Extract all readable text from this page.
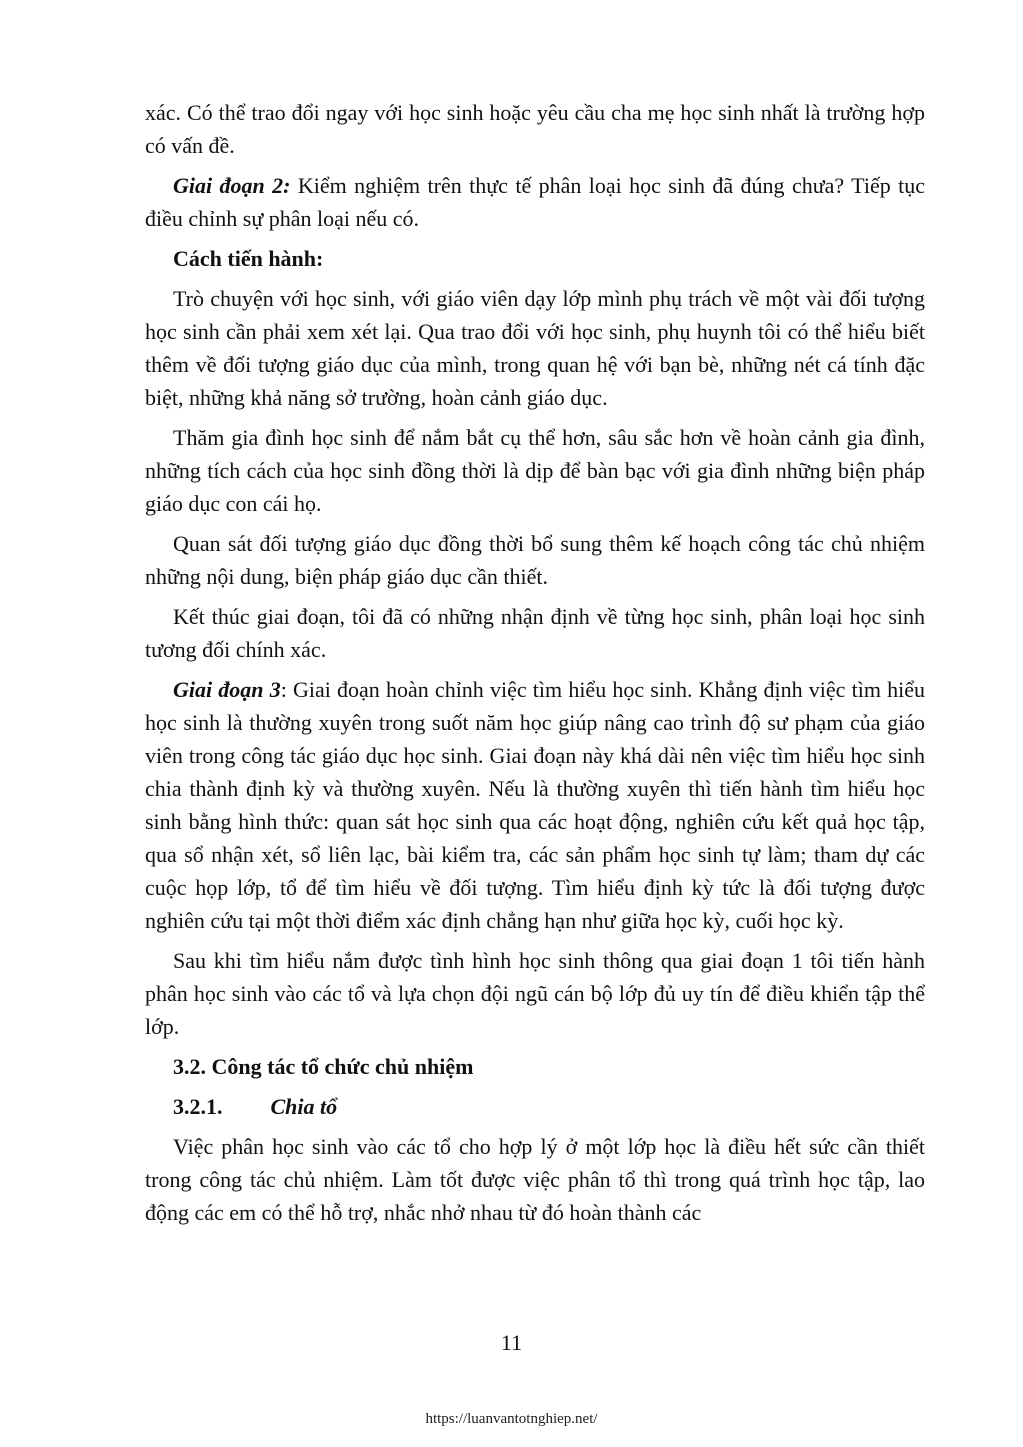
xác. Có thể trao đổi ngay với học sinh hoặc yêu cầu cha mẹ học sinh nhất là trường hợp có vấn đề.

Giai đoạn 2: Kiểm nghiệm trên thực tế phân loại học sinh đã đúng chưa? Tiếp tục điều chỉnh sự phân loại nếu có.

Cách tiến hành:

Trò chuyện với học sinh, với giáo viên dạy lớp mình phụ trách về một vài đối tượng học sinh cần phải xem xét lại. Qua trao đổi với học sinh, phụ huynh tôi có thể hiểu biết thêm về đối tượng giáo dục của mình, trong quan hệ với bạn bè, những nét cá tính đặc biệt, những khả năng sở trường, hoàn cảnh giáo dục.

Thăm gia đình học sinh để nắm bắt cụ thể hơn, sâu sắc hơn về hoàn cảnh gia đình, những tích cách của học sinh đồng thời là dịp để bàn bạc với gia đình những biện pháp giáo dục con cái họ.

Quan sát đối tượng giáo dục đồng thời bổ sung thêm kế hoạch công tác chủ nhiệm những nội dung, biện pháp giáo dục cần thiết.

Kết thúc giai đoạn, tôi đã có những nhận định về từng học sinh, phân loại học sinh tương đối chính xác.

Giai đoạn 3: Giai đoạn hoàn chỉnh việc tìm hiểu học sinh. Khẳng định việc tìm hiểu học sinh là thường xuyên trong suốt năm học giúp nâng cao trình độ sư phạm của giáo viên trong công tác giáo dục học sinh. Giai đoạn này khá dài nên việc tìm hiểu học sinh chia thành định kỳ và thường xuyên. Nếu là thường xuyên thì tiến hành tìm hiểu học sinh bằng hình thức: quan sát học sinh qua các hoạt động, nghiên cứu kết quả học tập, qua sổ nhận xét, sổ liên lạc, bài kiểm tra, các sản phẩm học sinh tự làm; tham dự các cuộc họp lớp, tổ để tìm hiểu về đối tượng. Tìm hiểu định kỳ tức là đối tượng được nghiên cứu tại một thời điểm xác định chẳng hạn như giữa học kỳ, cuối học kỳ.

Sau khi tìm hiểu nắm được tình hình học sinh thông qua giai đoạn 1 tôi tiến hành phân học sinh vào các tổ và lựa chọn đội ngũ cán bộ lớp đủ uy tín để điều khiển tập thể lớp.

3.2. Công tác tổ chức chủ nhiệm

3.2.1. Chia tổ

Việc phân học sinh vào các tổ cho hợp lý ở một lớp học là điều hết sức cần thiết trong công tác chủ nhiệm. Làm tốt được việc phân tổ thì trong quá trình học tập, lao động các em có thể hỗ trợ, nhắc nhở nhau từ đó hoàn thành các

11
https://luanvantotnghiep.net/
